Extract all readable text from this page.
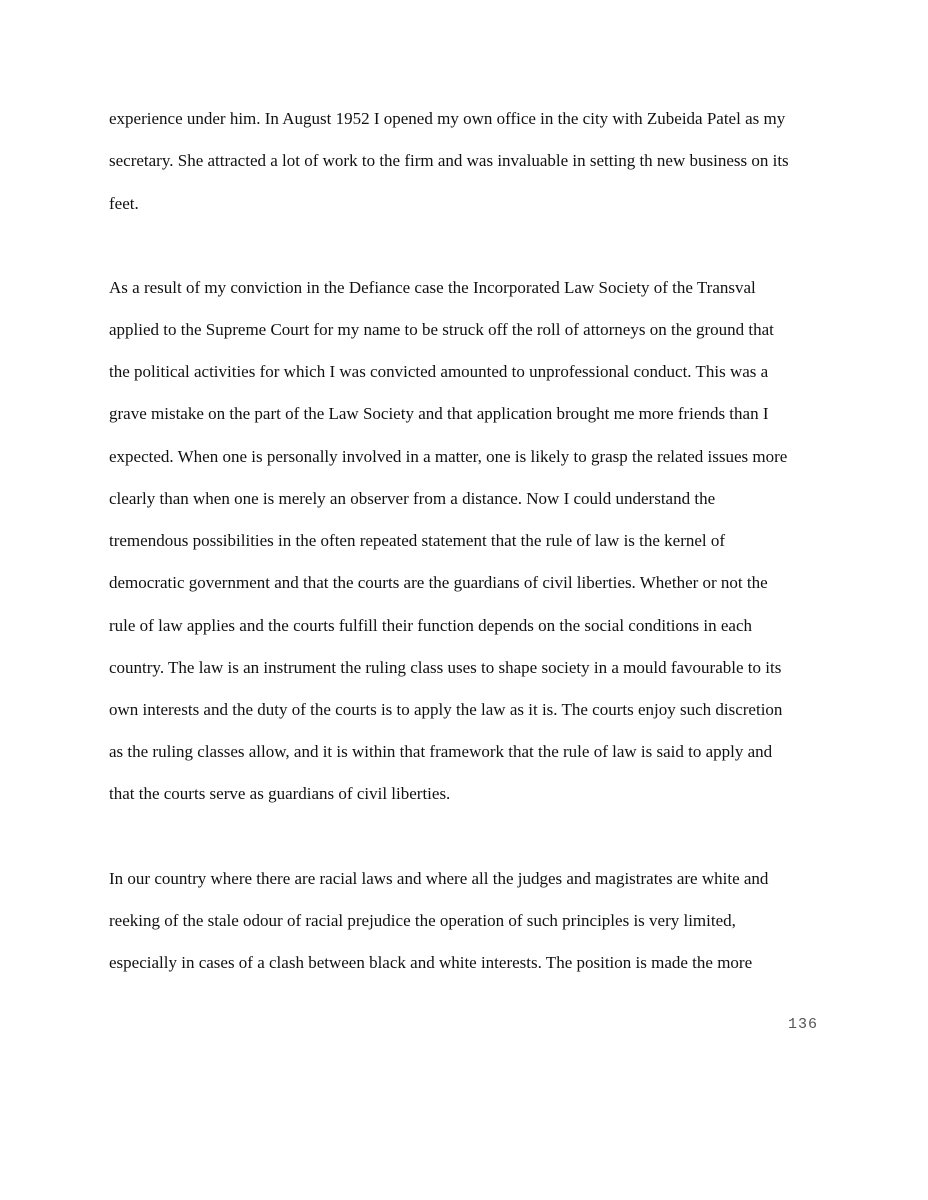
experience under him. In August 1952 I opened my own office in the city with Zubeida Patel as my
secretary. She attracted a lot of work to the firm and was invaluable in setting th new business on its
feet.
As a result of my conviction in the Defiance case the Incorporated Law Society of the Transval
applied to the Supreme Court for my name to be struck off the roll of attorneys on the ground that
the political activities for which I was convicted amounted to unprofessional conduct. This was a
grave mistake on the part of the Law Society and that application brought me more friends than I
expected. When one is personally involved in a matter, one is likely to grasp the related issues more
clearly than when one is merely an observer from a distance. Now I could understand the
tremendous possibilities in the often repeated statement that the rule of law is the kernel of
democratic government and that the courts are the guardians of civil liberties. Whether or not the
rule of law applies and the courts fulfill their function depends on the social conditions in each
country. The law is an instrument the ruling class uses to shape society in a mould favourable to its
own interests and the duty of the courts is to apply the law as it is. The courts enjoy such discretion
as the ruling classes allow, and it is within that framework that the rule of law is said to apply and
that the courts serve as guardians of civil liberties.
In our country where there are racial laws and where all the judges and magistrates are white and
reeking of the stale odour of racial prejudice the operation of such principles is very limited,
especially in cases of a clash between black and white interests. The position is made the more
136
